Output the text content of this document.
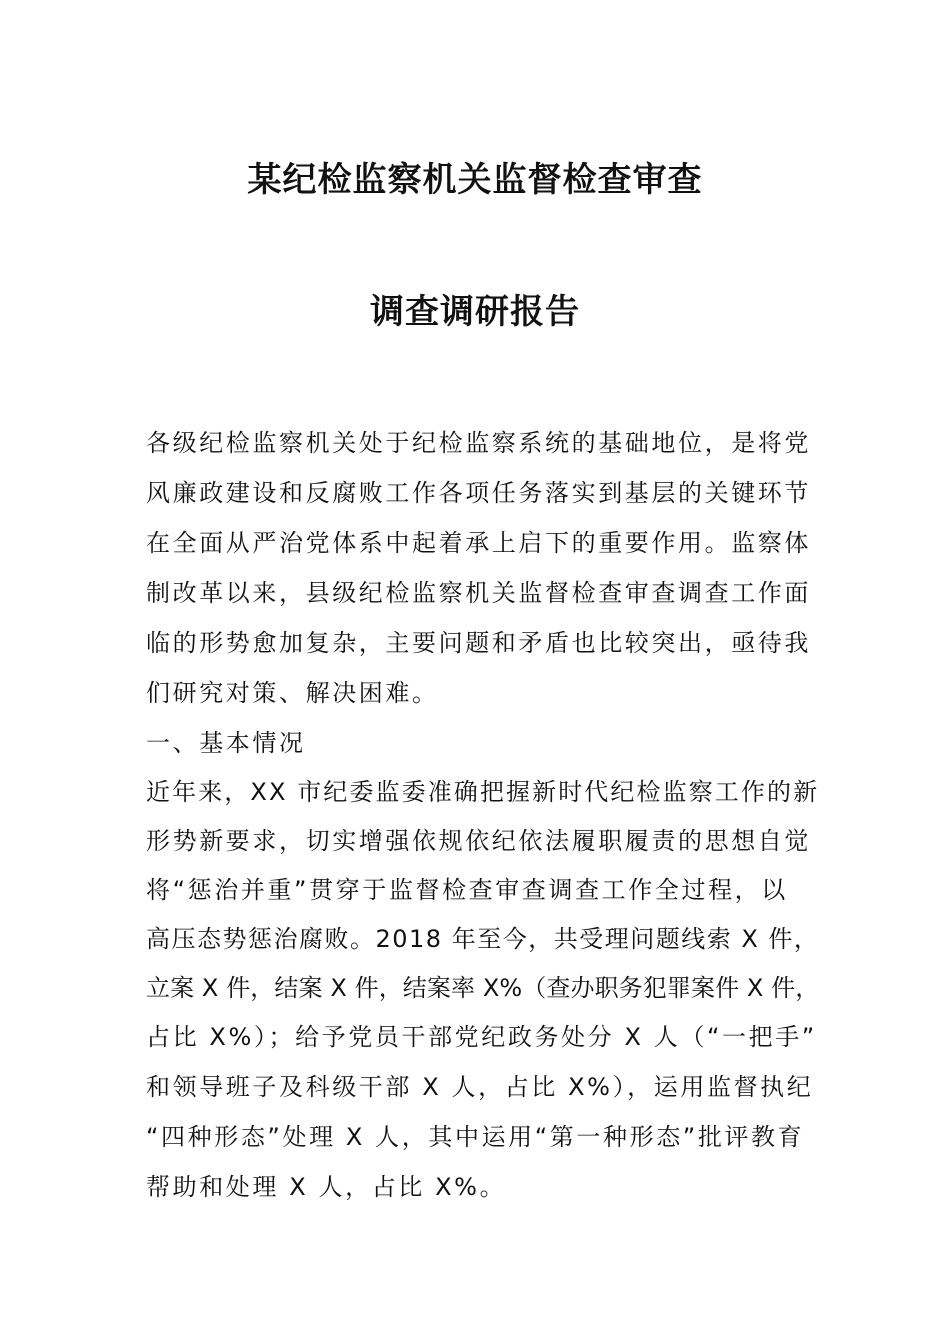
某纪检监察机关监督检查审查
调查调研报告
各级纪检监察机关处于纪检监察系统的基础地位，是将党
风廉政建设和反腐败工作各项任务落实到基层的关键环节
在全面从严治党体系中起着承上启下的重要作用。监察体
制改革以来，县级纪检监察机关监督检查审查调查工作面
临的形势愈加复杂，主要问题和矛盾也比较突出，亟待我
们研究对策、解决困难。
一、基本情况
近年来，XX 市纪委监委准确把握新时代纪检监察工作的新
形势新要求，切实增强依规依纪依法履职履责的思想自觉
将“惩治并重”贯穿于监督检查审查调查工作全过程，以
高压态势惩治腐败。2018 年至今，共受理问题线索 X 件，
立案 X 件，结案 X 件，结案率 X%（查办职务犯罪案件 X 件，
占比 X%）；给予党员干部党纪政务处分 X 人（“一把手”
和领导班子及科级干部 X 人，占比 X%），运用监督执纪
“四种形态”处理 X 人，其中运用“第一种形态”批评教育
帮助和处理 X 人，占比 X%。
